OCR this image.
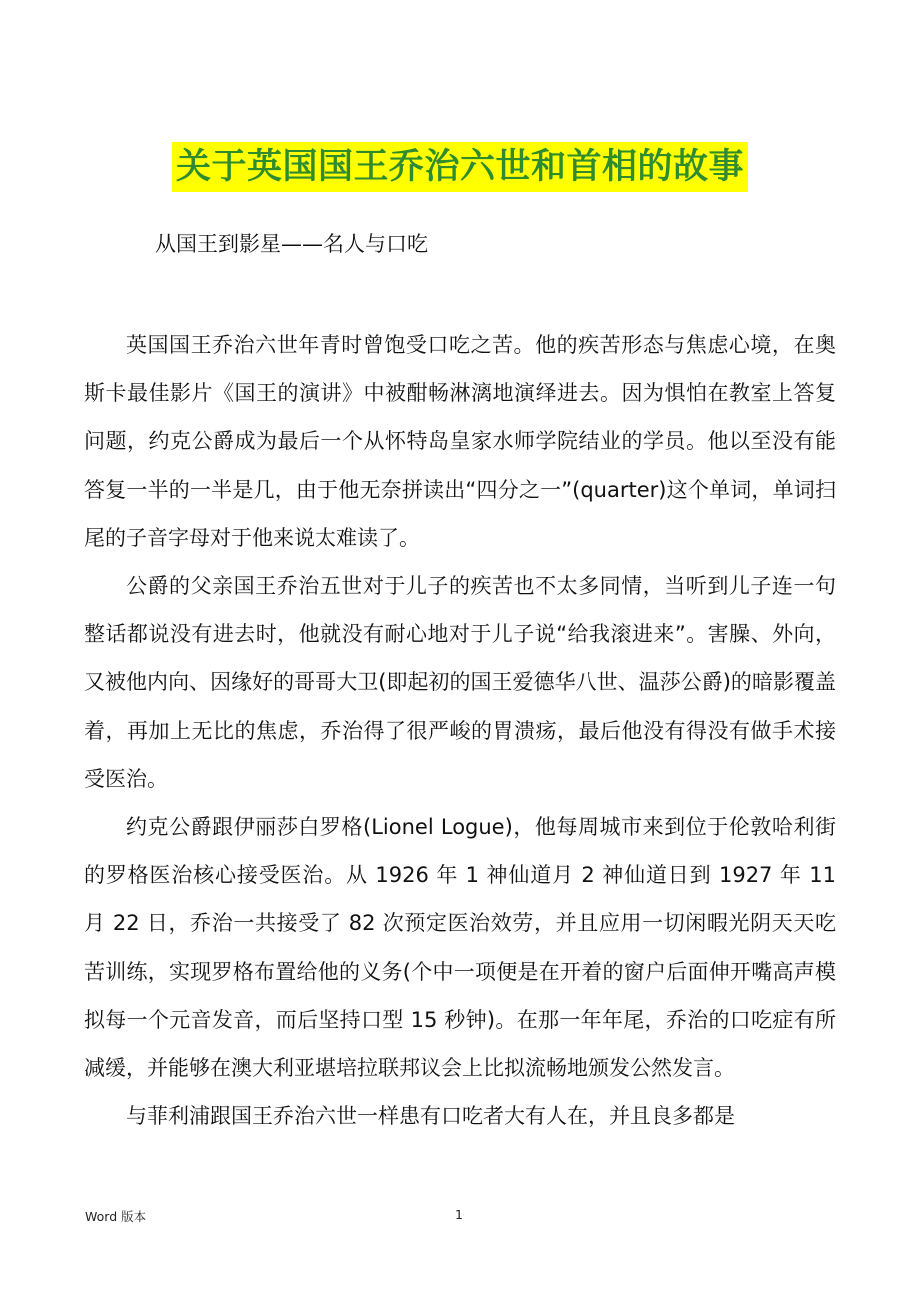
关于英国国王乔治六世和首相的故事
从国王到影星——名人与口吃

英国国王乔治六世年青时曾饱受口吃之苦。他的疾苦形态与焦虑心境，在奥斯卡最佳影片《国王的演讲》中被酣畅淋漓地演绎进去。因为惧怕在教室上答复问题，约克公爵成为最后一个从怀特岛皇家水师学院结业的学员。他以至没有能答复一半的一半是几，由于他无奈拼读出“四分之一”(quarter)这个单词，单词扫尾的子音字母对于他来说太难读了。

公爵的父亲国王乔治五世对于儿子的疾苦也不太多同情，当听到儿子连一句整话都说没有进去时，他就没有耐心地对于儿子说“给我滚进来”。害臊、外向，又被他内向、因缘好的哥哥大卫(即起初的国王爱德华八世、温莎公爵)的暗影覆盖着，再加上无比的焦虑，乔治得了很严峻的胃溃疡，最后他没有得没有做手术接受医治。

约克公爵跟伊丽莎白罗格(Lionel Logue)，他每周城市来到位于伦敦哈利街的罗格医治核心接受医治。从 1926 年 1 神仙道月 2 神仙道日到 1927 年 11 月 22 日，乔治一共接受了 82 次预定医治效劳，并且应用一切闲暇光阴天天吃苦训练，实现罗格布置给他的义务(个中一项便是在开着的窗户后面伸开嘴高声模拟每一个元音发音，而后坚持口型 15 秒钟)。在那一年年尾，乔治的口吃症有所减缓，并能够在澳大利亚堪培拉联邦议会上比拟流畅地颁发公然发言。

与菲利浦跟国王乔治六世一样患有口吃者大有人在，并且良多都是

Word 版本	1
